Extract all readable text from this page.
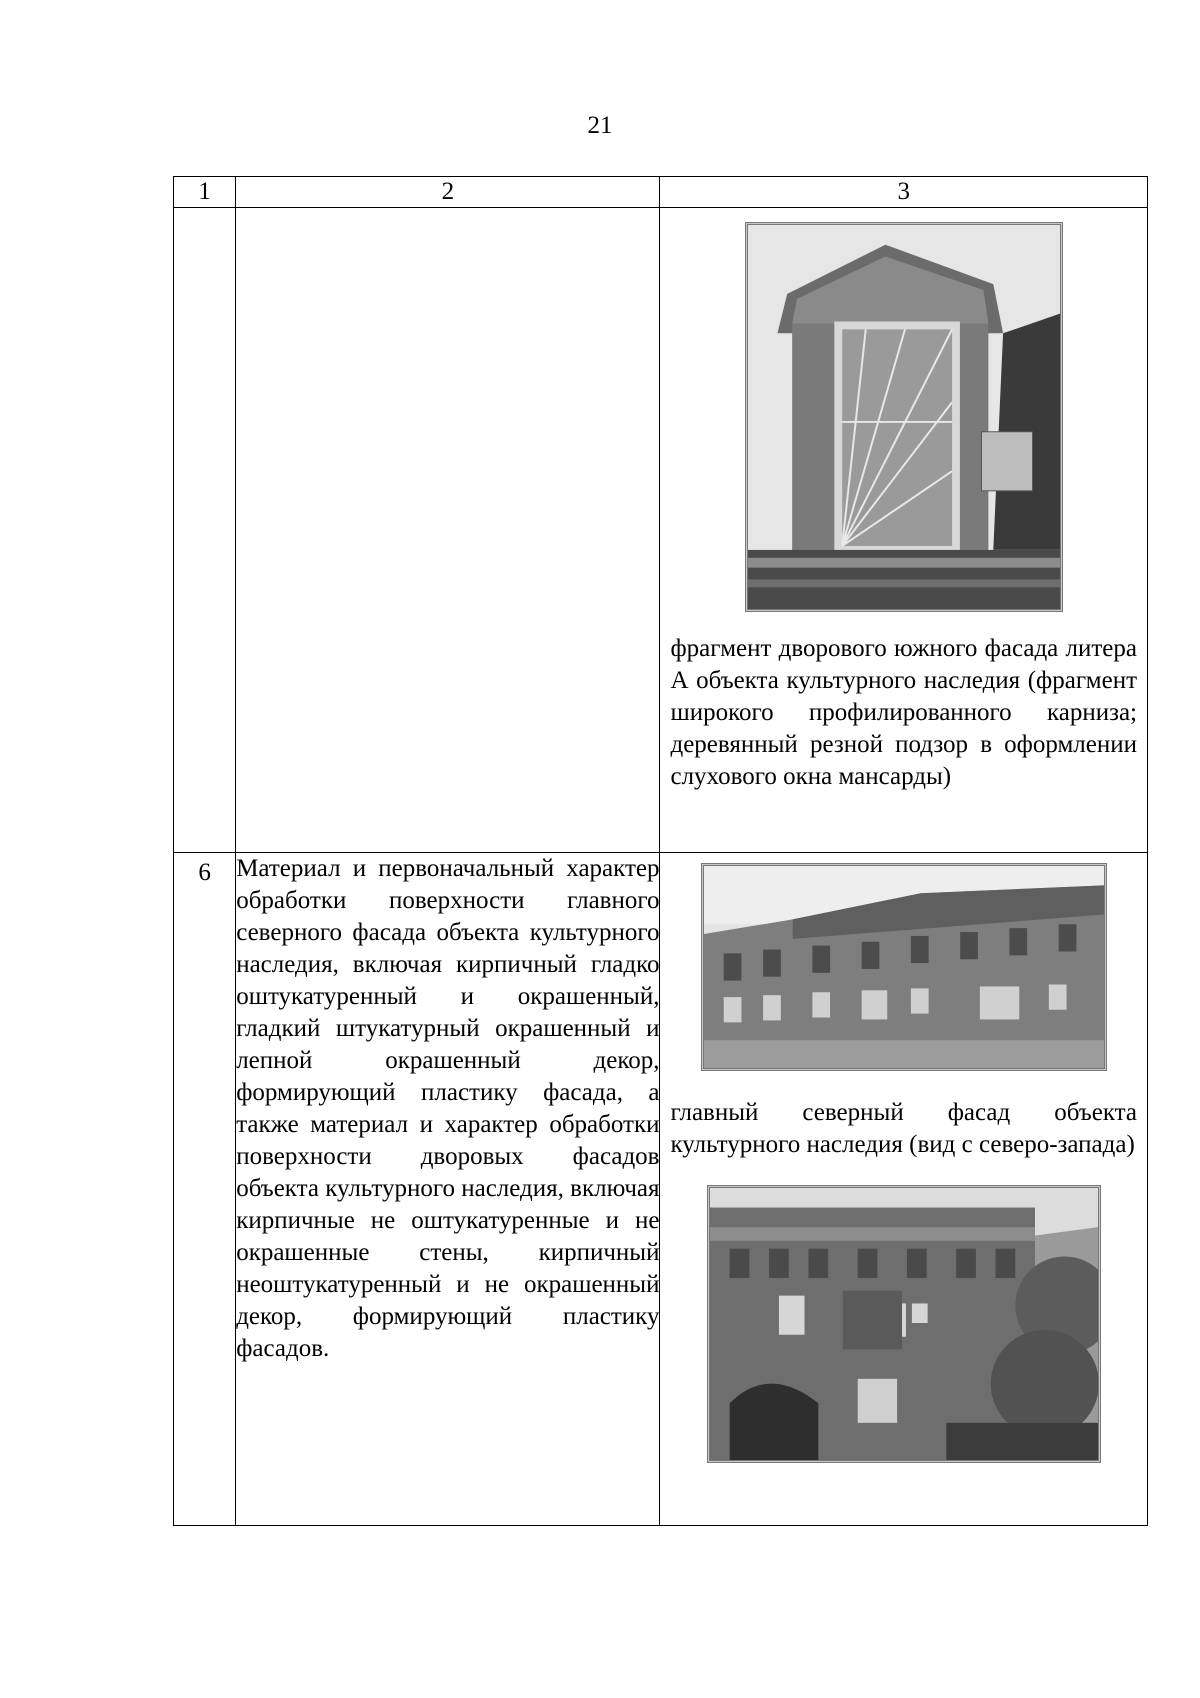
21
1	2	3

		фрагмент дворового южного фасада литера А объекта культурного наследия (фрагмент широкого профилированного карниза; деревянный резной подзор в оформлении слухового окна мансарды)

6	Материал и первоначальный характер обработки поверхности главного северного фасада объекта культурного наследия, включая кирпичный гладко оштукатуренный и окрашенный, гладкий штукатурный окрашенный и лепной окрашенный декор, формирующий пластику фасада, а также материал и характер обработки поверхности дворовых фасадов объекта культурного наследия, включая кирпичные не оштукатуренные и не окрашенные стены, кирпичный неоштукатуренный и не окрашенный декор, формирующий пластику фасадов.	главный северный фасад объекта культурного наследия (вид с северо-запада)
